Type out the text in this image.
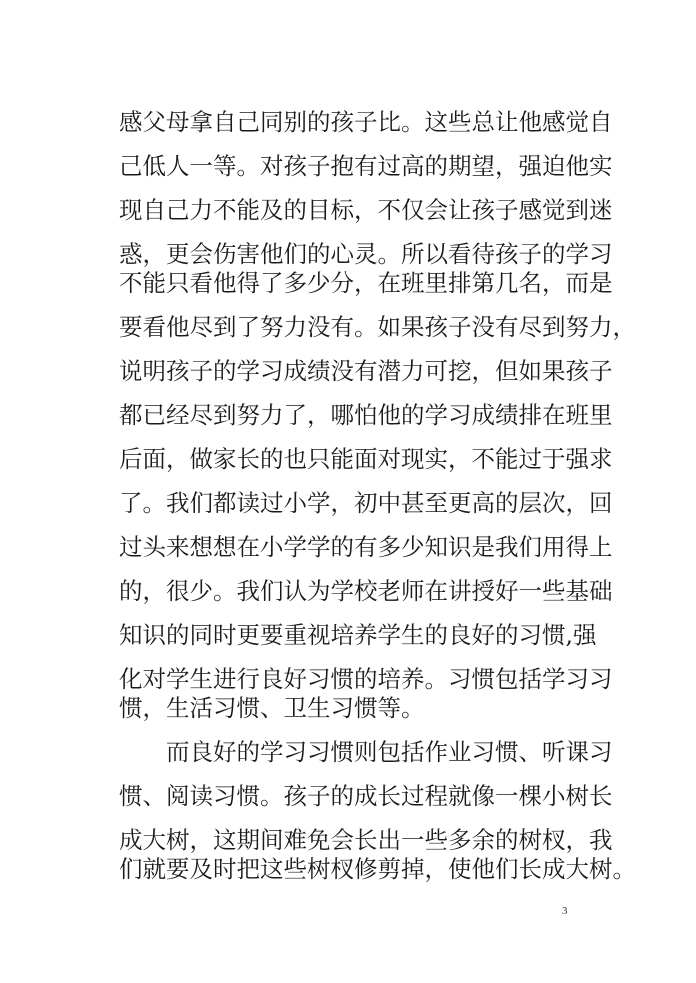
感父母拿自己同别的孩子比。这些总让他感觉自
己低人一等。对孩子抱有过高的期望，强迫他实
现自己力不能及的目标，不仅会让孩子感觉到迷
惑，更会伤害他们的心灵。所以看待孩子的学习
不能只看他得了多少分，在班里排第几名，而是
要看他尽到了努力没有。如果孩子没有尽到努力，
说明孩子的学习成绩没有潜力可挖，但如果孩子
都已经尽到努力了，哪怕他的学习成绩排在班里
后面，做家长的也只能面对现实，不能过于强求
了。我们都读过小学，初中甚至更高的层次，回
过头来想想在小学学的有多少知识是我们用得上
的，很少。我们认为学校老师在讲授好一些基础
知识的同时更要重视培养学生的良好的习惯,强
化对学生进行良好习惯的培养。习惯包括学习习
惯，生活习惯、卫生习惯等。
而良好的学习习惯则包括作业习惯、听课习
惯、阅读习惯。孩子的成长过程就像一棵小树长
成大树，这期间难免会长出一些多余的树杈，我
们就要及时把这些树杈修剪掉，使他们长成大树。
3
